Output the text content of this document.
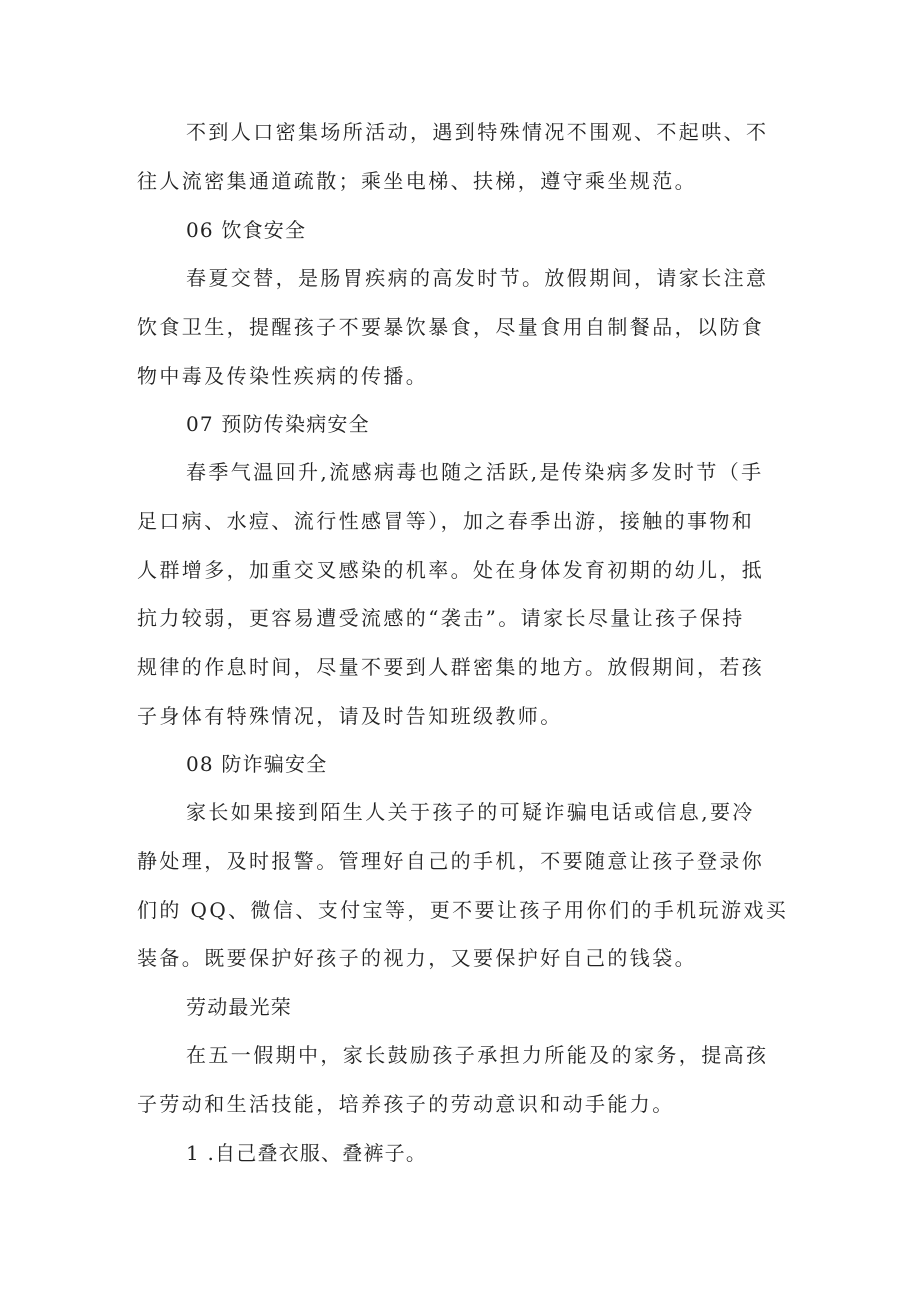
不到人口密集场所活动，遇到特殊情况不围观、不起哄、不
往人流密集通道疏散；乘坐电梯、扶梯，遵守乘坐规范。
06 饮食安全
春夏交替，是肠胃疾病的高发时节。放假期间，请家长注意
饮食卫生，提醒孩子不要暴饮暴食，尽量食用自制餐品，以防食
物中毒及传染性疾病的传播。
07 预防传染病安全
春季气温回升,流感病毒也随之活跃,是传染病多发时节（手
足口病、水痘、流行性感冒等），加之春季出游，接触的事物和
人群增多，加重交叉感染的机率。处在身体发育初期的幼儿，抵
抗力较弱，更容易遭受流感的“袭击”。请家长尽量让孩子保持
规律的作息时间，尽量不要到人群密集的地方。放假期间，若孩
子身体有特殊情况，请及时告知班级教师。
08 防诈骗安全
家长如果接到陌生人关于孩子的可疑诈骗电话或信息,要冷
静处理，及时报警。管理好自己的手机，不要随意让孩子登录你
们的 QQ、微信、支付宝等，更不要让孩子用你们的手机玩游戏买
装备。既要保护好孩子的视力，又要保护好自己的钱袋。
劳动最光荣
在五一假期中，家长鼓励孩子承担力所能及的家务，提高孩
子劳动和生活技能，培养孩子的劳动意识和动手能力。
1 .自己叠衣服、叠裤子。
